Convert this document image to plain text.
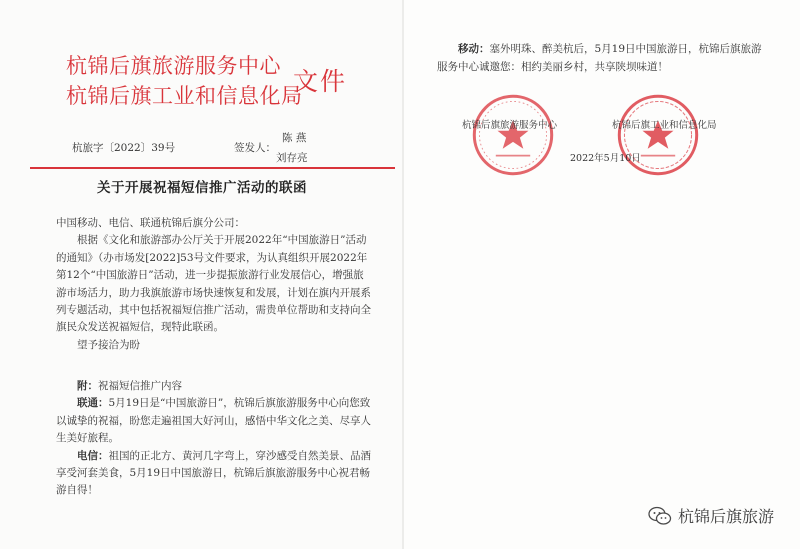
杭锦后旗旅游服务中心
杭锦后旗工业和信息化局
文件
杭旅字〔2022〕39号	签发人：
陈 燕
刘存亮
关于开展祝福短信推广活动的联函

中国移动、电信、联通杭锦后旗分公司：

根据《文化和旅游部办公厅关于开展2022年“中国旅游日”活动的通知》（办市场发[2022]53号文件要求，为认真组织开展2022年第12个“中国旅游日”活动，进一步提振旅游行业发展信心，增强旅游市场活力，助力我旗旅游市场快速恢复和发展，计划在旗内开展系列专题活动，其中包括祝福短信推广活动，需贵单位帮助和支持向全旗民众发送祝福短信，现特此联函。

望予接洽为盼

附：祝福短信推广内容

联通：5月19日是“中国旅游日”，杭锦后旗旅游服务中心向您致以诚挚的祝福，盼您走遍祖国大好河山，感悟中华文化之美、尽享人生美好旅程。

电信：祖国的正北方、黄河几字弯上，穿沙感受自然美景、品酒享受河套美食，5月19日中国旅游日，杭锦后旗旅游服务中心祝君畅游自得！

移动：塞外明珠、醉美杭后，5月19日中国旅游日，杭锦后旗旅游服务中心诚邀您：相约美丽乡村，共享陕坝味道！

杭锦后旗旅游服务中心	杭锦后旗工业和信息化局
2022年5月10日
杭锦后旗旅游
